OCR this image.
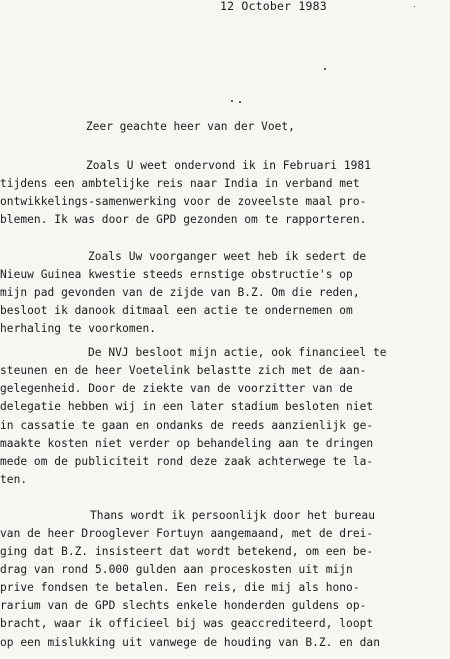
12 October 1983
Zeer geachte heer van der Voet,
Zoals U weet ondervond ik in Februari 1981
tijdens een ambtelijke reis naar India in verband met
ontwikkelings-samenwerking voor de zoveelste maal pro-
blemen. Ik was door de GPD gezonden om te rapporteren.
Zoals Uw voorganger weet heb ik sedert de
Nieuw Guinea kwestie steeds ernstige obstructie's op
mijn pad gevonden van de zijde van B.Z. Om die reden,
besloot ik danook ditmaal een actie te ondernemen om
herhaling te voorkomen.
De NVJ besloot mijn actie, ook financieel te
steunen en de heer Voetelink belastte zich met de aan-
gelegenheid. Door de ziekte van de voorzitter van de
delegatie hebben wij in een later stadium besloten niet
in cassatie te gaan en ondanks de reeds aanzienlijk ge-
maakte kosten niet verder op behandeling aan te dringen
mede om de publiciteit rond deze zaak achterwege te la-
ten.
Thans wordt ik persoonlijk door het bureau
van de heer Drooglever Fortuyn aangemaand, met de drei-
ging dat B.Z. insisteert dat wordt betekend, om een be-
drag van rond 5.000 gulden aan proceskosten uit mijn
prive fondsen te betalen. Een reis, die mij als hono-
rarium van de GPD slechts enkele honderden guldens op-
bracht, waar ik officieel bij was geaccrediteerd, loopt
op een mislukking uit vanwege de houding van B.Z. en dan
